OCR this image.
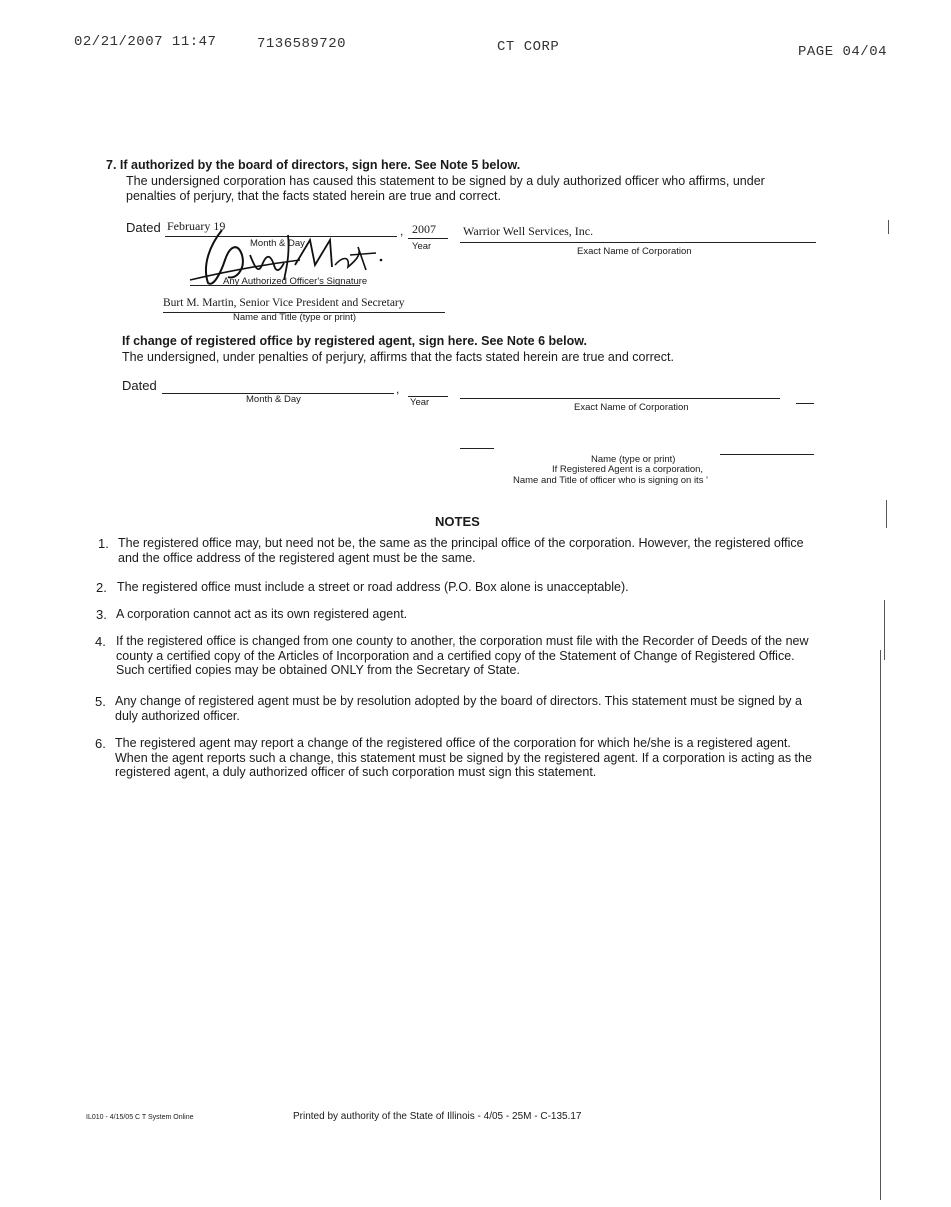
02/21/2007 11:47	7136589720	CT CORP	PAGE 04/04
7. If authorized by the board of directors, sign here. See Note 5 below.
The undersigned corporation has caused this statement to be signed by a duly authorized officer who affirms, under penalties of perjury, that the facts stated herein are true and correct.
Dated February 19	, 2007 Warrior Well Services, Inc.
Month & Day	Year	Exact Name of Corporation
Any Authorized Officer's Signature
Burt M. Martin, Senior Vice President and Secretary
Name and Title (type or print)
If change of registered office by registered agent, sign here. See Note 6 below.
The undersigned, under penalties of perjury, affirms that the facts stated herein are true and correct.
Dated	,
Month & Day	Year	Exact Name of Corporation
Name (type or print)
If Registered Agent is a corporation,
Name and Title of officer who is signing on its '
NOTES
1. The registered office may, but need not be, the same as the principal office of the corporation. However, the registered office and the office address of the registered agent must be the same.
2. The registered office must include a street or road address (P.O. Box alone is unacceptable).
3. A corporation cannot act as its own registered agent.
4. If the registered office is changed from one county to another, the corporation must file with the Recorder of Deeds of the new county a certified copy of the Articles of Incorporation and a certified copy of the Statement of Change of Registered Office. Such certified copies may be obtained ONLY from the Secretary of State.
5. Any change of registered agent must be by resolution adopted by the board of directors. This statement must be signed by a duly authorized officer.
6. The registered agent may report a change of the registered office of the corporation for which he/she is a registered agent. When the agent reports such a change, this statement must be signed by the registered agent. If a corporation is acting as the registered agent, a duly authorized officer of such corporation must sign this statement.
IL010 - 4/15/05 C T System Online	Printed by authority of the State of Illinois - 4/05 - 25M - C-135.17
